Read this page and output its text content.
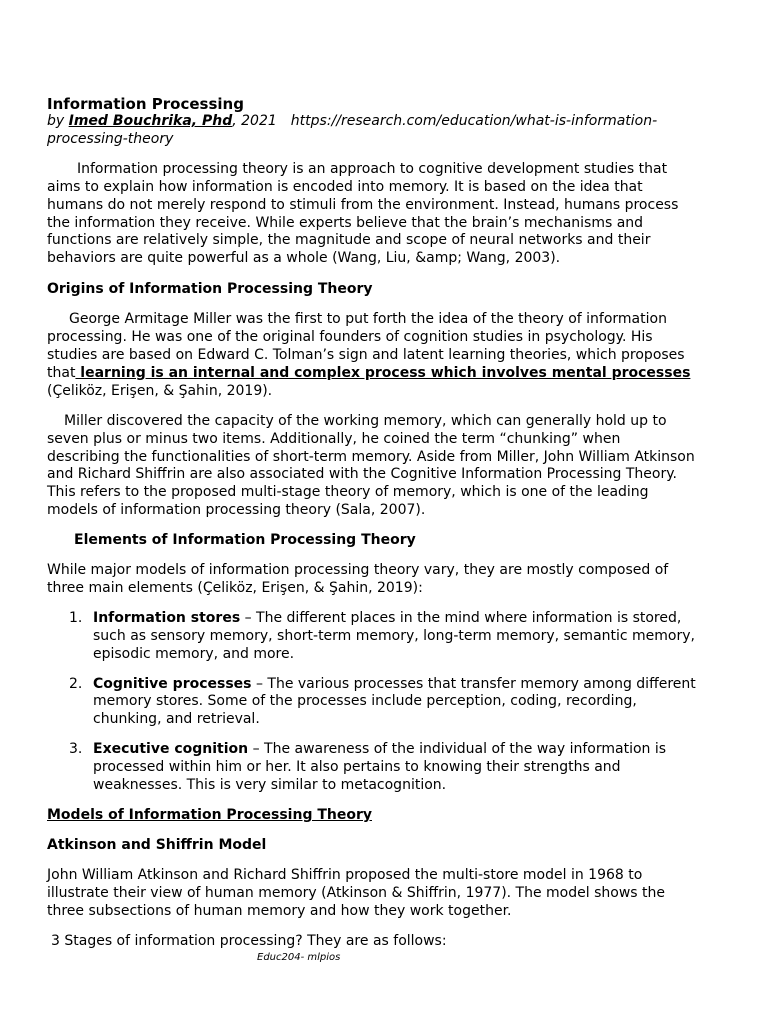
Information Processing

by Imed Bouchrika, Phd, 2021 https://research.com/education/what-is-information-processing-theory

Information processing theory is an approach to cognitive development studies that aims to explain how information is encoded into memory. It is based on the idea that humans do not merely respond to stimuli from the environment. Instead, humans process the information they receive. While experts believe that the brain’s mechanisms and functions are relatively simple, the magnitude and scope of neural networks and their behaviors are quite powerful as a whole (Wang, Liu, &amp; Wang, 2003).

Origins of Information Processing Theory

George Armitage Miller was the first to put forth the idea of the theory of information processing. He was one of the original founders of cognition studies in psychology. His studies are based on Edward C. Tolman’s sign and latent learning theories, which proposes that learning is an internal and complex process which involves mental processes (Çeliköz, Erişen, & Şahin, 2019).

Miller discovered the capacity of the working memory, which can generally hold up to seven plus or minus two items. Additionally, he coined the term “chunking” when describing the functionalities of short-term memory. Aside from Miller, John William Atkinson and Richard Shiffrin are also associated with the Cognitive Information Processing Theory. This refers to the proposed multi-stage theory of memory, which is one of the leading models of information processing theory (Sala, 2007).

Elements of Information Processing Theory

While major models of information processing theory vary, they are mostly composed of three main elements (Çeliköz, Erişen, & Şahin, 2019):

1. Information stores – The different places in the mind where information is stored, such as sensory memory, short-term memory, long-term memory, semantic memory, episodic memory, and more.
2. Cognitive processes – The various processes that transfer memory among different memory stores. Some of the processes include perception, coding, recording, chunking, and retrieval.
3. Executive cognition – The awareness of the individual of the way information is processed within him or her. It also pertains to knowing their strengths and weaknesses. This is very similar to metacognition.
Models of Information Processing Theory
Atkinson and Shiffrin Model

John William Atkinson and Richard Shiffrin proposed the multi-store model in 1968 to illustrate their view of human memory (Atkinson & Shiffrin, 1977). The model shows the three subsections of human memory and how they work together.

3 Stages of information processing? They are as follows:

Educ204- mlpios
